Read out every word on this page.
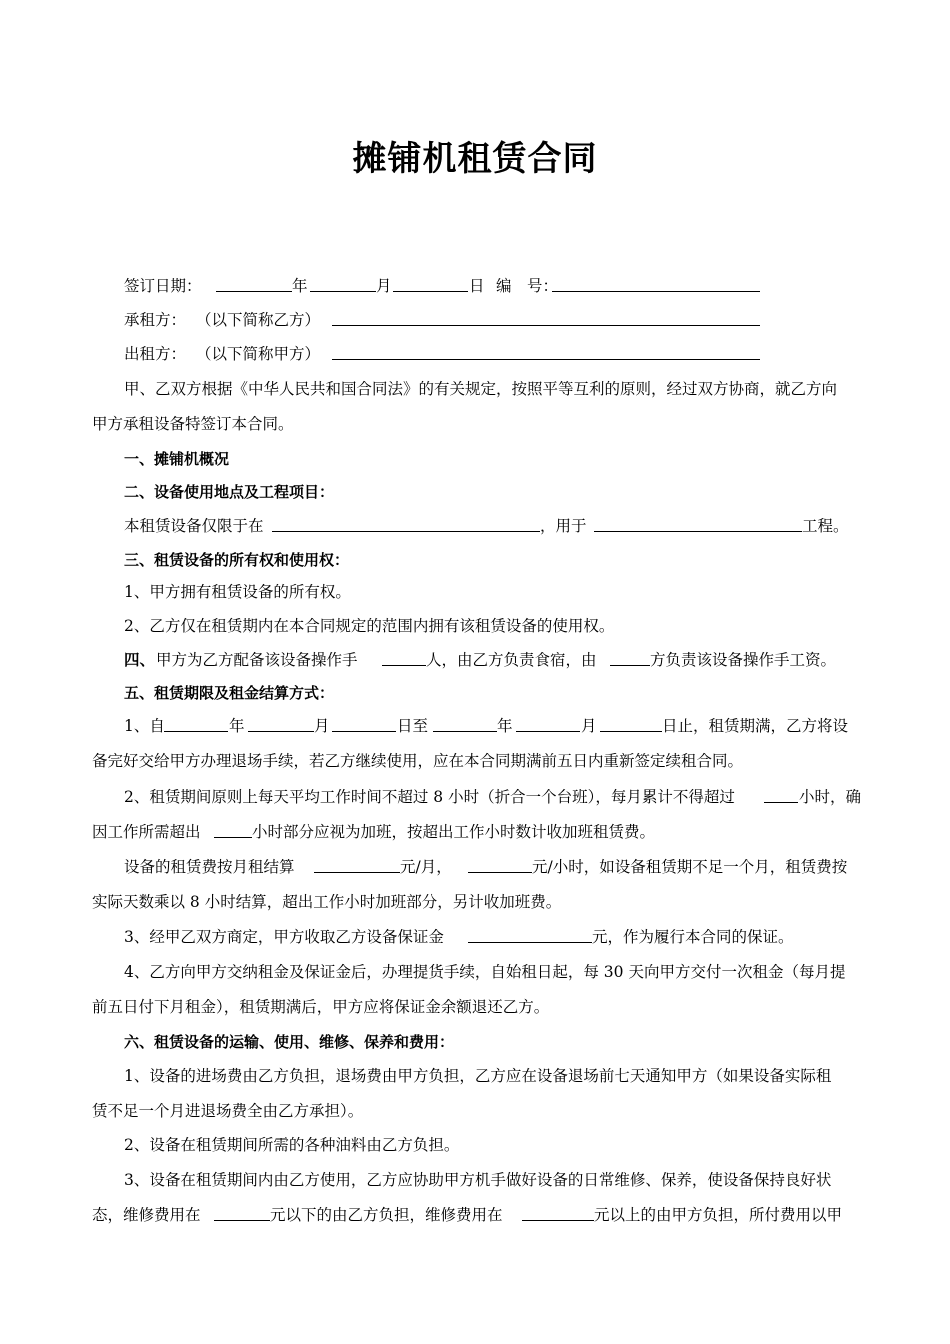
摊铺机租赁合同
签订日期：	年	月	日 编　号：
承租方： （以下简称乙方）
出租方： （以下简称甲方）
甲、乙双方根据《中华人民共和国合同法》的有关规定，按照平等互利的原则，经过双方协商，就乙方向
甲方承租设备特签订本合同。
一、摊铺机概况
二、设备使用地点及工程项目：
本租赁设备仅限于在	，用于	工程。
三、租赁设备的所有权和使用权：
1、甲方拥有租赁设备的所有权。
2、乙方仅在租赁期内在本合同规定的范围内拥有该租赁设备的使用权。
四、 甲方为乙方配备该设备操作手	人，由乙方负责食宿，由	方负责该设备操作手工资。
五、租赁期限及租金结算方式：
1、自	年	月	日至	年	月	日止，租赁期满，乙方将设
备完好交给甲方办理退场手续，若乙方继续使用，应在本合同期满前五日内重新签定续租合同。
2、租赁期间原则上每天平均工作时间不超过 8 小时（折合一个台班），每月累计不得超过	小时，确
因工作所需超出	小时部分应视为加班，按超出工作小时数计收加班租赁费。
设备的租赁费按月租结算	元/月，	元/小时，如设备租赁期不足一个月，租赁费按
实际天数乘以 8 小时结算，超出工作小时加班部分，另计收加班费。
3、经甲乙双方商定，甲方收取乙方设备保证金	元，作为履行本合同的保证。
4、乙方向甲方交纳租金及保证金后，办理提货手续，自始租日起，每 30 天向甲方交付一次租金（每月提
前五日付下月租金），租赁期满后，甲方应将保证金余额退还乙方。
六、租赁设备的运输、使用、维修、保养和费用：
1、设备的进场费由乙方负担，退场费由甲方负担，乙方应在设备退场前七天通知甲方（如果设备实际租
赁不足一个月进退场费全由乙方承担）。
2、设备在租赁期间所需的各种油料由乙方负担。
3、设备在租赁期间内由乙方使用，乙方应协助甲方机手做好设备的日常维修、保养，使设备保持良好状
态，维修费用在	元以下的由乙方负担，维修费用在	元以上的由甲方负担，所付费用以甲
